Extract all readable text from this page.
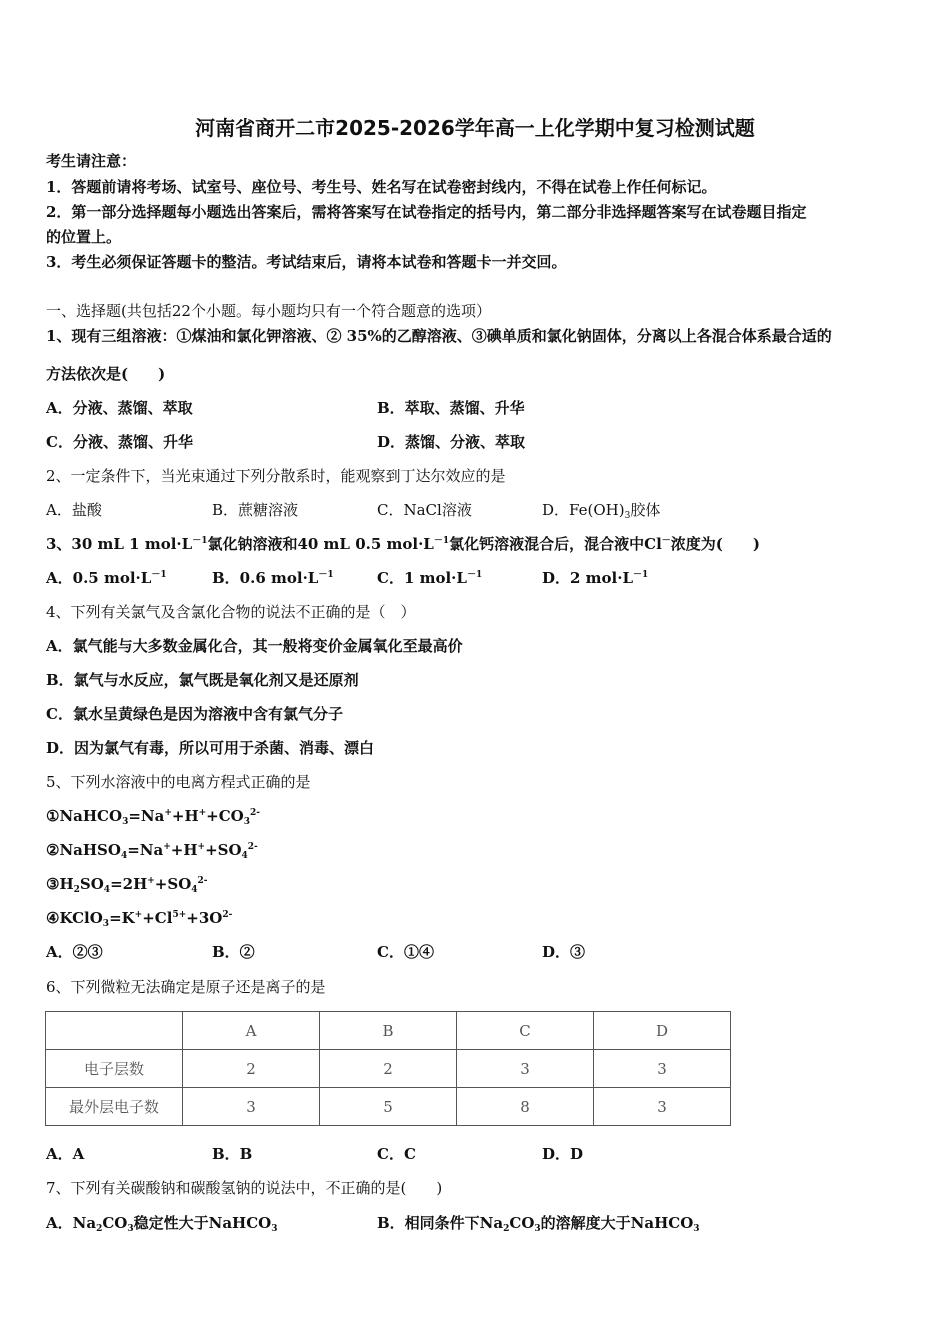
河南省商开二市2025-2026学年高一上化学期中复习检测试题
考生请注意：
1．答题前请将考场、试室号、座位号、考生号、姓名写在试卷密封线内，不得在试卷上作任何标记。
2．第一部分选择题每小题选出答案后，需将答案写在试卷指定的括号内，第二部分非选择题答案写在试卷题目指定
的位置上。
3．考生必须保证答题卡的整洁。考试结束后，请将本试卷和答题卡一并交回。
一、选择题(共包括22个小题。每小题均只有一个符合题意的选项）
1、现有三组溶液：①煤油和氯化钾溶液、② 35%的乙醇溶液、③碘单质和氯化钠固体，分离以上各混合体系最合适的
方法依次是(　　)
A．分液、蒸馏、萃取	B．萃取、蒸馏、升华
C．分液、蒸馏、升华	D．蒸馏、分液、萃取
2、一定条件下，当光束通过下列分散系时，能观察到丁达尔效应的是
A．盐酸	B．蔗糖溶液	C．NaCl溶液	D．$Fe(OH)_3$胶体
3、30 mL 1 $mol\cdot L^{-1}$氯化钠溶液和40 mL 0.5 $mol\cdot L^{-1}$氯化钙溶液混合后，混合液中Cl－浓度为(　　)
A．0.5 $mol\cdot L^{-1}$	B．0.6 $mol\cdot L^{-1}$	C．1 $mol\cdot L^{-1}$	D．2 $mol\cdot L^{-1}$
4、下列有关氯气及含氯化合物的说法不正确的是（　）
A．氯气能与大多数金属化合，其一般将变价金属氧化至最高价
B．氯气与水反应，氯气既是氧化剂又是还原剂
C．氯水呈黄绿色是因为溶液中含有氯气分子
D．因为氯气有毒，所以可用于杀菌、消毒、漂白
5、下列水溶液中的电离方程式正确的是
$①NaHCO_3=Na^++H^++CO_3^{2-}$
$②NaHSO_4=Na^++H^++SO_4^{2-}$
$③H_2SO_4=2H^++SO_4^{2-}$
$④KClO_3=K^++Cl^{5+}+3O^{2-}$
A．②③	B．②	C．①④	D．③
6、下列微粒无法确定是原子还是离子的是
	A	B	C	D
电子层数	2	2	3	3
最外层电子数	3	5	8	3
A．A	B．B	C．C	D．D
7、下列有关碳酸钠和碳酸氢钠的说法中，不正确的是(　　)
A．$Na_2CO_3$稳定性大于NaHCO$_3$	B．相同条件下$Na_2CO_3$的溶解度大于NaHCO$_3$
